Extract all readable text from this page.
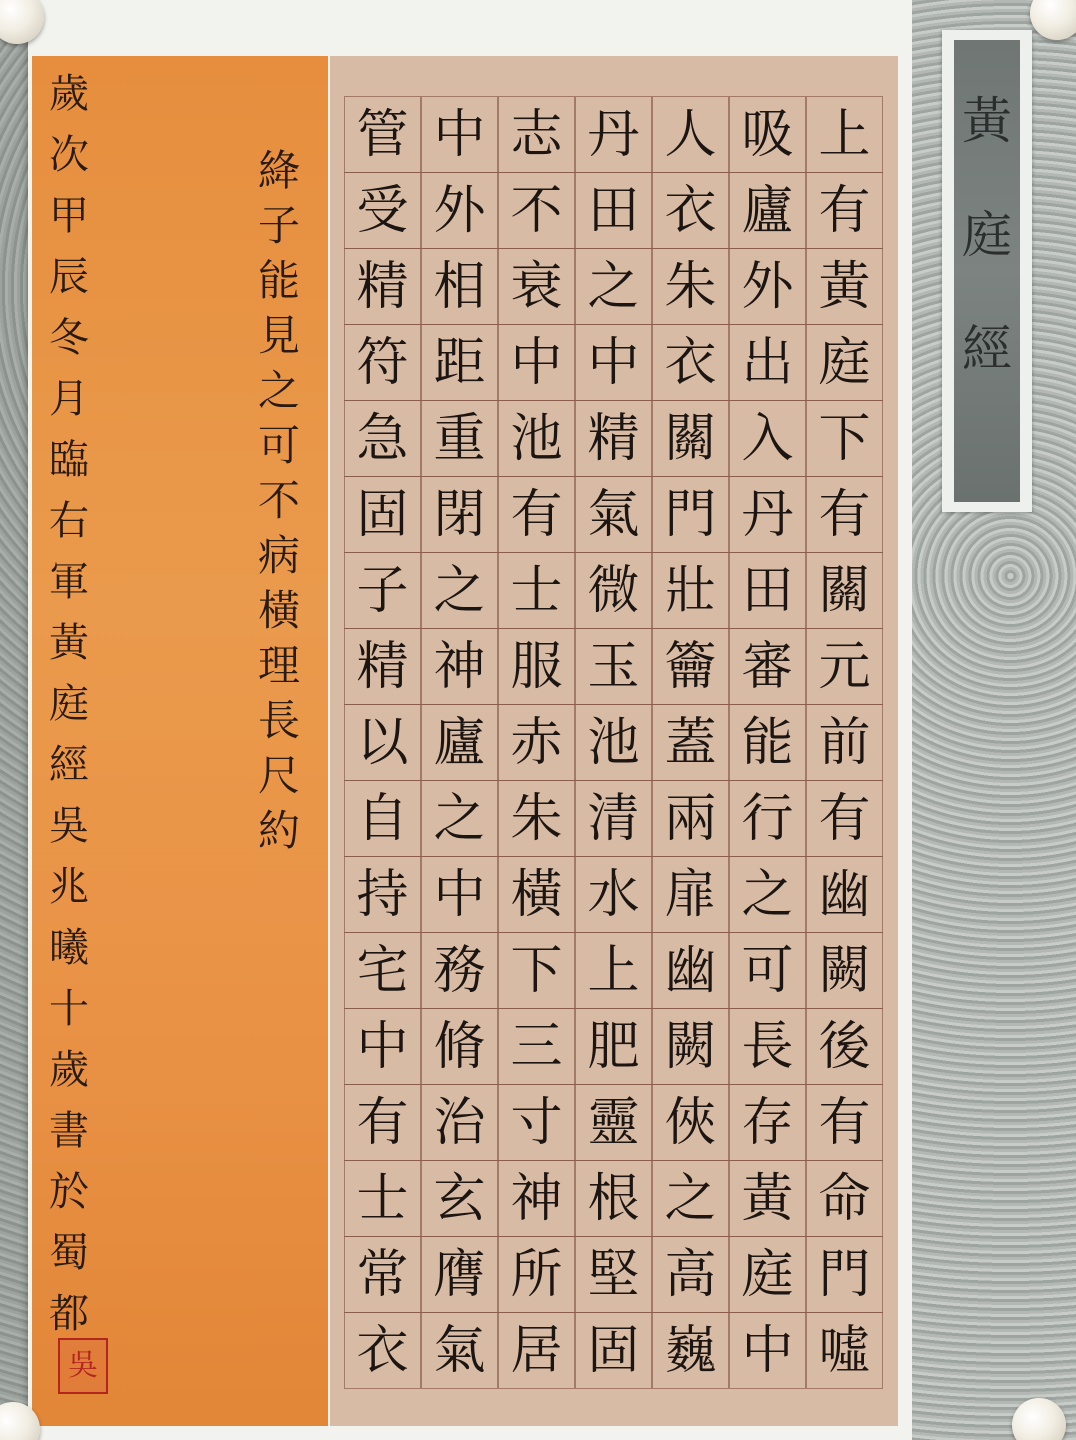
黃
庭
經
上
有
黃
庭
下
有
關
元
前
有
幽
闕
後
有
命
門
噓
吸
廬
外
出
入
丹
田
審
能
行
之
可
長
存
黃
庭
中
人
衣
朱
衣
關
門
壯
籥
蓋
兩
扉
幽
闕
俠
之
高
巍
丹
田
之
中
精
氣
微
玉
池
清
水
上
肥
靈
根
堅
固
志
不
衰
中
池
有
士
服
赤
朱
橫
下
三
寸
神
所
居
中
外
相
距
重
閉
之
神
廬
之
中
務
脩
治
玄
膺
氣
管
受
精
符
急
固
子
精
以
自
持
宅
中
有
士
常
衣
絳
子
能
見
之
可
不
病
橫
理
長
尺
約
歲
次
甲
辰
冬
月
臨
右
軍
黃
庭
經
吳
兆
曦
十
歲
書
於
蜀
都
吳
